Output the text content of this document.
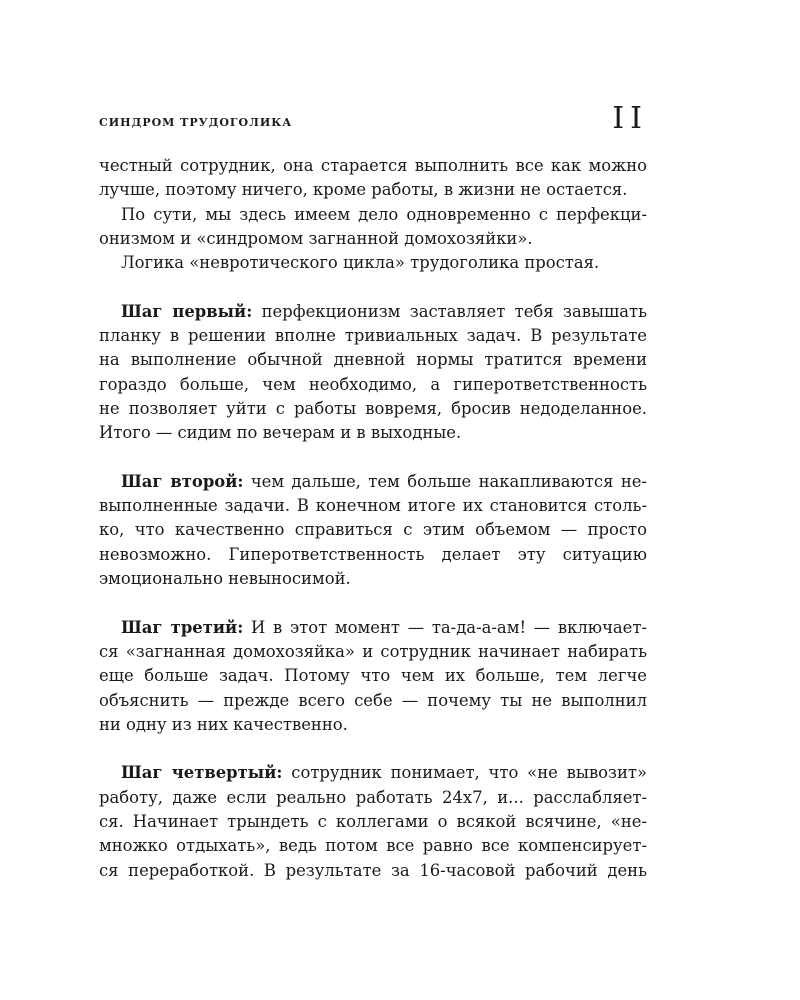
СИНДРОМ ТРУДОГОЛИКА	II
честный сотрудник, она старается выполнить все как можно
лучше, поэтому ничего, кроме работы, в жизни не остается.
По сути, мы здесь имеем дело одновременно с перфекци-
онизмом и «синдромом загнанной домохозяйки».
Логика «невротического цикла» трудоголика простая.
Шаг первый: перфекционизм заставляет тебя завышать
планку в решении вполне тривиальных задач. В результате
на выполнение обычной дневной нормы тратится времени
гораздо больше, чем необходимо, а гиперответственность
не позволяет уйти с работы вовремя, бросив недоделанное.
Итого — сидим по вечерам и в выходные.
Шаг второй: чем дальше, тем больше накапливаются не-
выполненные задачи. В конечном итоге их становится столь-
ко, что качественно справиться с этим объемом — просто
невозможно. Гиперответственность делает эту ситуацию
эмоционально невыносимой.
Шаг третий: И в этот момент — та-да-а-ам! — включает-
ся «загнанная домохозяйка» и сотрудник начинает набирать
еще больше задач. Потому что чем их больше, тем легче
объяснить — прежде всего себе — почему ты не выполнил
ни одну из них качественно.
Шаг четвертый: сотрудник понимает, что «не вывозит»
работу, даже если реально работать 24х7, и... расслабляет-
ся. Начинает трындеть с коллегами о всякой всячине, «не-
множко отдыхать», ведь потом все равно все компенсирует-
ся переработкой. В результате за 16-часовой рабочий день
